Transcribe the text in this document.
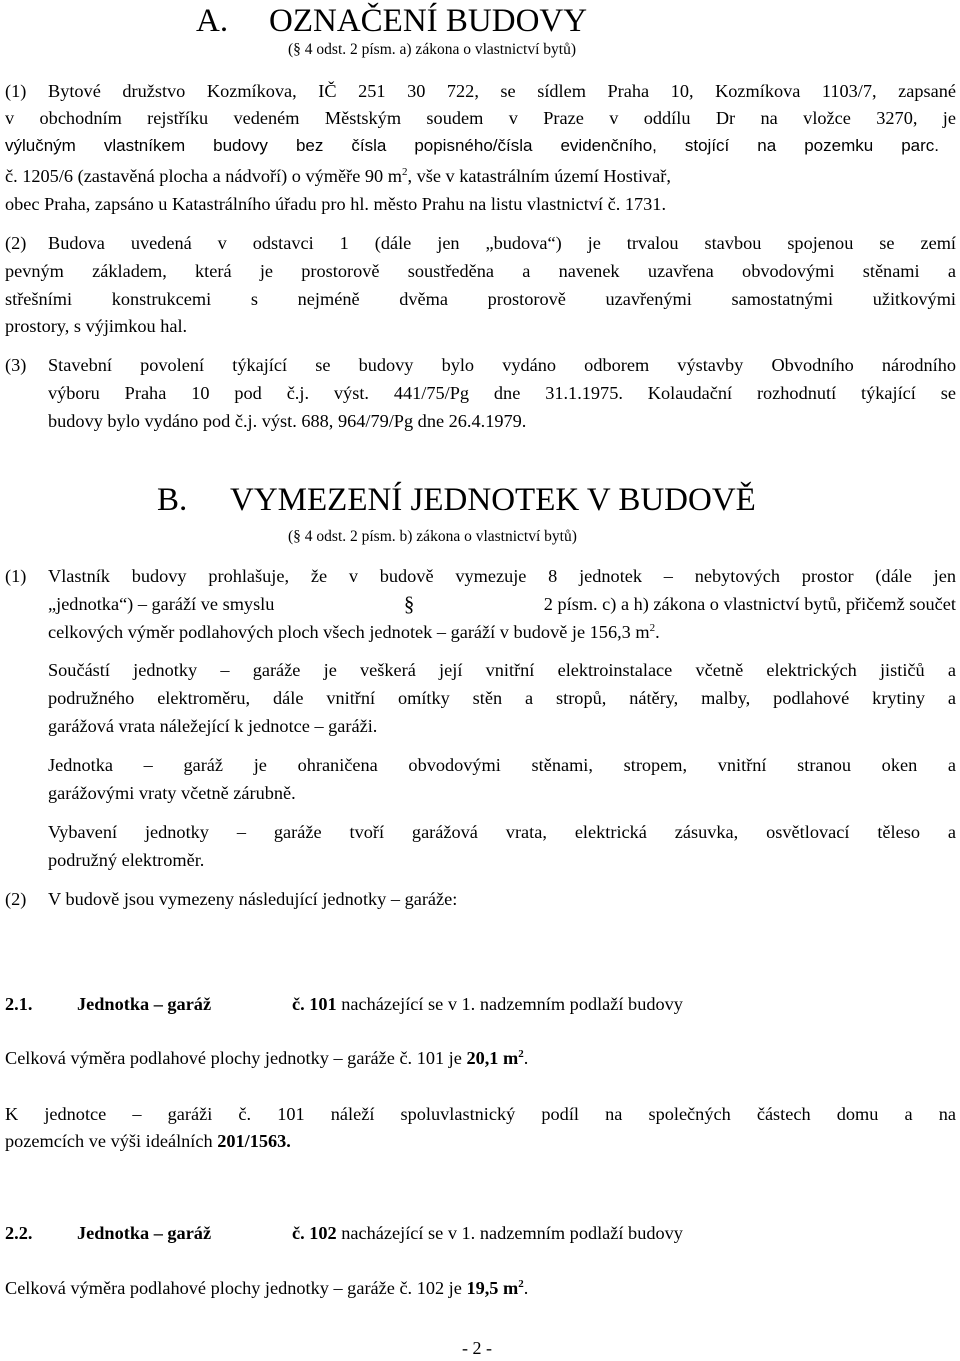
A. OZNAČENÍ BUDOVY
(§ 4 odst. 2 písm. a) zákona o vlastnictví bytů)
(1) Bytové družstvo Kozmíkova, IČ 251 30 722, se sídlem Praha 10, Kozmíkova 1103/7, zapsané
v obchodním rejstříku vedeném Městským soudem v Praze v oddílu Dr na vložce 3270, je
výlučným vlastníkem budovy bez čísla popisného/čísla evidenčního, stojící na pozemku parc.
č. 1205/6 (zastavěná plocha a nádvoří) o výměře 90 $m^2$, vše v katastrálním území Hostivař,
obec Praha, zapsáno u Katastrálního úřadu pro hl. město Prahu na listu vlastnictví č. 1731.
(2) Budova uvedená v odstavci 1 (dále jen „budova“) je trvalou stavbou spojenou se zemí
pevným základem, která je prostorově soustředěna a navenek uzavřena obvodovými stěnami a
střešními konstrukcemi s nejméně dvěma prostorově uzavřenými samostatnými užitkovými
prostory, s výjimkou hal.
(3) Stavební povolení týkající se budovy bylo vydáno odborem výstavby Obvodního národního
výboru Praha 10 pod č.j. výst. 441/75/Pg dne 31.1.1975. Kolaudační rozhodnutí týkající se
budovy bylo vydáno pod č.j. výst. 688, 964/79/Pg dne 26.4.1979.
B. VYMEZENÍ JEDNOTEK V BUDOVĚ
(§ 4 odst. 2 písm. b) zákona o vlastnictví bytů)
(1) Vlastník budovy prohlašuje, že v budově vymezuje 8 jednotek – nebytových prostor (dále jen
„jednotka“) – garáží ve smyslu	§	2 písm. c) a h) zákona o vlastnictví bytů, přičemž součet
celkových výměr podlahových ploch všech jednotek – garáží v budově je 156,3 $m^2$.
Součástí jednotky – garáže je veškerá její vnitřní elektroinstalace včetně elektrických jističů a
podružného elektroměru, dále vnitřní omítky stěn a stropů, nátěry, malby, podlahové krytiny a
garážová vrata náležející k jednotce – garáži.
Jednotka – garáž je ohraničena obvodovými stěnami, stropem, vnitřní stranou oken a
garážovými vraty včetně zárubně.
Vybavení jednotky – garáže tvoří garážová vrata, elektrická zásuvka, osvětlovací těleso a
podružný elektroměr.
(2) V budově jsou vymezeny následující jednotky – garáže:
2.1. Jednotka – garáž	č. 101 nacházející se v 1. nadzemním podlaží budovy
Celková výměra podlahové plochy jednotky – garáže č. 101 je 20,1 $m^2$.
K jednotce – garáži č. 101 náleží spoluvlastnický podíl na společných částech domu a na
pozemcích ve výši ideálních 201/1563.
2.2. Jednotka – garáž	č. 102 nacházející se v 1. nadzemním podlaží budovy
Celková výměra podlahové plochy jednotky – garáže č. 102 je 19,5 $m^2$.
- 2 -
